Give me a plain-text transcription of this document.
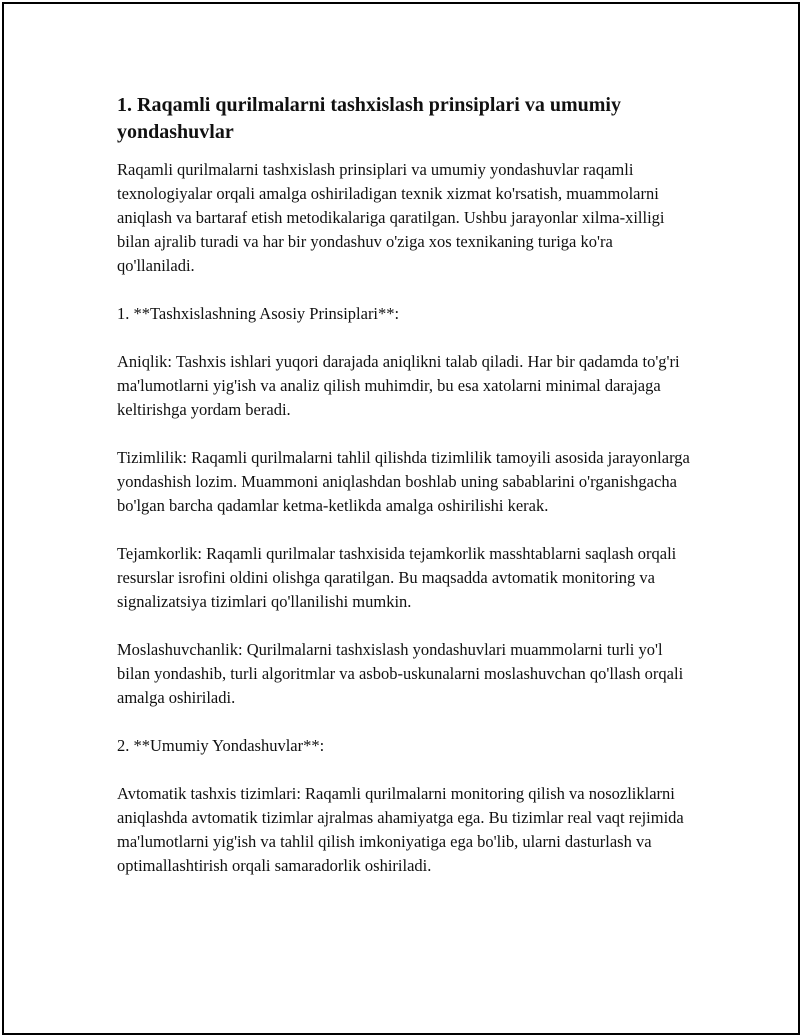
1. Raqamli qurilmalarni tashxislash prinsiplari va umumiy yondashuvlar

Raqamli qurilmalarni tashxislash prinsiplari va umumiy yondashuvlar raqamli texnologiyalar orqali amalga oshiriladigan texnik xizmat ko'rsatish, muammolarni aniqlash va bartaraf etish metodikalariga qaratilgan. Ushbu jarayonlar xilma-xilligi bilan ajralib turadi va har bir yondashuv o'ziga xos texnikaning turiga ko'ra qo'llaniladi.

1. **Tashxislashning Asosiy Prinsiplari**:

Aniqlik: Tashxis ishlari yuqori darajada aniqlikni talab qiladi. Har bir qadamda to'g'ri ma'lumotlarni yig'ish va analiz qilish muhimdir, bu esa xatolarni minimal darajaga keltirishga yordam beradi.

Tizimlilik: Raqamli qurilmalarni tahlil qilishda tizimlilik tamoyili asosida jarayonlarga yondashish lozim. Muammoni aniqlashdan boshlab uning sabablarini o'rganishgacha bo'lgan barcha qadamlar ketma-ketlikda amalga oshirilishi kerak.

Tejamkorlik: Raqamli qurilmalar tashxisida tejamkorlik masshtablarni saqlash orqali resurslar isrofini oldini olishga qaratilgan. Bu maqsadda avtomatik monitoring va signalizatsiya tizimlari qo'llanilishi mumkin.

Moslashuvchanlik: Qurilmalarni tashxislash yondashuvlari muammolarni turli yo'l bilan yondashib, turli algoritmlar va asbob-uskunalarni moslashuvchan qo'llash orqali amalga oshiriladi.

2. **Umumiy Yondashuvlar**:

Avtomatik tashxis tizimlari: Raqamli qurilmalarni monitoring qilish va nosozliklarni aniqlashda avtomatik tizimlar ajralmas ahamiyatga ega. Bu tizimlar real vaqt rejimida ma'lumotlarni yig'ish va tahlil qilish imkoniyatiga ega bo'lib, ularni dasturlash va optimallashtirish orqali samaradorlik oshiriladi.
